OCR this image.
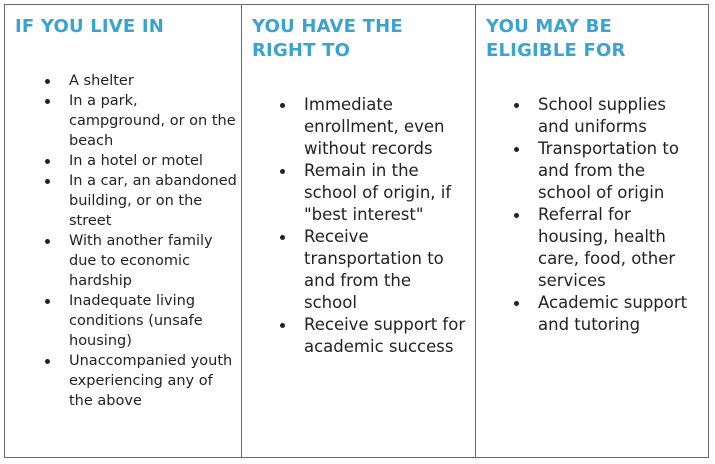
IF YOU LIVE IN
A shelter
In a park, campground, or on the beach
In a hotel or motel
In a car, an abandoned building, or on the street
With another family due to economic hardship
Inadequate living conditions (unsafe housing)
Unaccompanied youth experiencing any of the above
YOU HAVE THE RIGHT TO
Immediate enrollment, even without records
Remain in the school of origin, if "best interest"
Receive transportation to and from the school
Receive support for academic success
YOU MAY BE ELIGIBLE FOR
School supplies and uniforms
Transportation to and from the school of origin
Referral for housing, health care, food, other services
Academic support and tutoring
